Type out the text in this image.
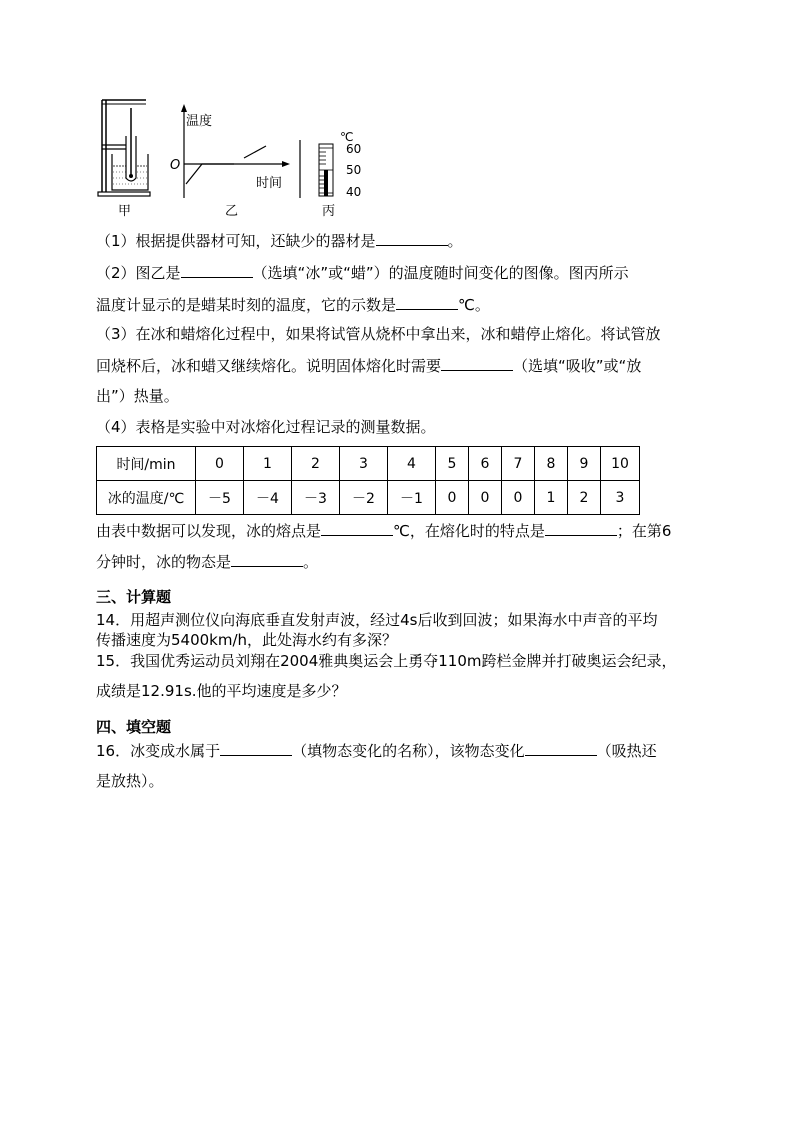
甲
温度
O
时间
乙
℃
60
50
40
丙
（1）根据提供器材可知，还缺少的器材是	。
（2）图乙是	（选填“冰”或“蜡”）的温度随时间变化的图像。图丙所示
温度计显示的是蜡某时刻的温度，它的示数是	℃。
（3）在冰和蜡熔化过程中，如果将试管从烧杯中拿出来，冰和蜡停止熔化。将试管放
回烧杯后，冰和蜡又继续熔化。说明固体熔化时需要	（选填“吸收”或“放
出”）热量。
（4）表格是实验中对冰熔化过程记录的测量数据。
时间/min	0	1	2	3	4	5	6	7	8	9	10
冰的温度/℃	－5	－4	－3	－2	－1	0	0	0	1	2	3
由表中数据可以发现，冰的熔点是	℃，在熔化时的特点是	；在第6
分钟时，冰的物态是	。
三、计算题
14．用超声测位仪向海底垂直发射声波，经过4s后收到回波；如果海水中声音的平均
传播速度为5400km/h，此处海水约有多深？
15．我国优秀运动员刘翔在2004雅典奥运会上勇夺110m跨栏金牌并打破奥运会纪录，
成绩是12.91s.他的平均速度是多少？
四、填空题
16．冰变成水属于	（填物态变化的名称），该物态变化	（吸热还
是放热）。
